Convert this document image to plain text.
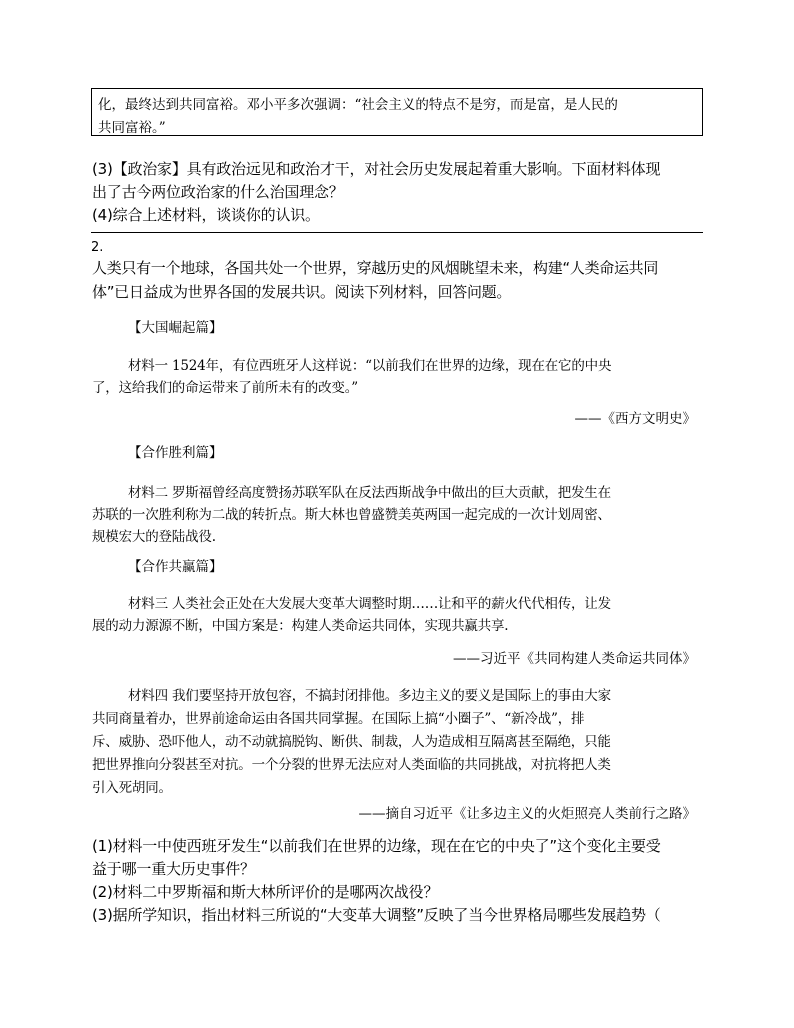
化，最终达到共同富裕。邓小平多次强调：“社会主义的特点不是穷，而是富，是人民的

共同富裕。”

(3)【政治家】具有政治远见和政治才干，对社会历史发展起着重大影响。下面材料体现
出了古今两位政治家的什么治国理念？
(4)综合上述材料，谈谈你的认识。
2.
人类只有一个地球，各国共处一个世界，穿越历史的风烟眺望未来，构建“人类命运共同
体”已日益成为世界各国的发展共识。阅读下列材料，回答问题。
【大国崛起篇】
材料一 1524年，有位西班牙人这样说：“以前我们在世界的边缘，现在在它的中央
了，这给我们的命运带来了前所未有的改变。”
——《西方文明史》
【合作胜利篇】
材料二 罗斯福曾经高度赞扬苏联军队在反法西斯战争中做出的巨大贡献，把发生在
苏联的一次胜利称为二战的转折点。斯大林也曾盛赞美英两国一起完成的一次计划周密、
规模宏大的登陆战役.
【合作共赢篇】
材料三 人类社会正处在大发展大变革大调整时期……让和平的薪火代代相传，让发
展的动力源源不断，中国方案是：构建人类命运共同体，实现共赢共享.
——习近平《共同构建人类命运共同体》
材料四 我们要坚持开放包容，不搞封闭排他。多边主义的要义是国际上的事由大家
共同商量着办，世界前途命运由各国共同掌握。在国际上搞“小圈子”、“新冷战”，排
斥、威胁、恐吓他人，动不动就搞脱钩、断供、制裁，人为造成相互隔离甚至隔绝，只能
把世界推向分裂甚至对抗。一个分裂的世界无法应对人类面临的共同挑战，对抗将把人类
引入死胡同。
——摘自习近平《让多边主义的火炬照亮人类前行之路》
(1)材料一中使西班牙发生“以前我们在世界的边缘，现在在它的中央了”这个变化主要受
益于哪一重大历史事件？
(2)材料二中罗斯福和斯大林所评价的是哪两次战役？
(3)据所学知识，指出材料三所说的“大变革大调整”反映了当今世界格局哪些发展趋势（
